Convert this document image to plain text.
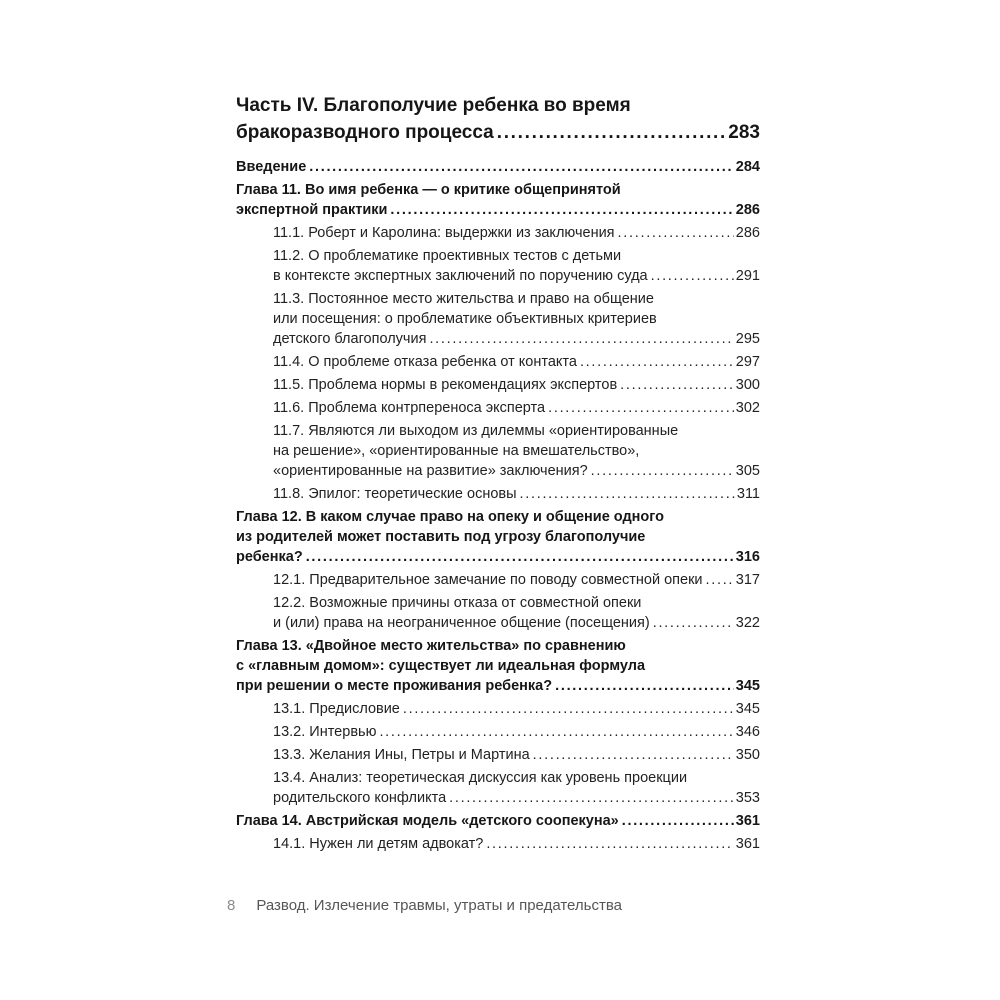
Часть IV. Благополучие ребенка во время
бракоразводного процесса .....	283
Введение .....	284
Глава 11. Во имя ребенка — о критике общепринятой
экспертной практики .....	286
11.1. Роберт и Каролина: выдержки из заключения .....	286
11.2. О проблематике проективных тестов с детьми
в контексте экспертных заключений по поручению суда .....	291
11.3. Постоянное место жительства и право на общение
или посещения: о проблематике объективных критериев
детского благополучия .....	295
11.4. О проблеме отказа ребенка от контакта .....	297
11.5. Проблема нормы в рекомендациях экспертов .....	300
11.6. Проблема контрпереноса эксперта .....	302
11.7. Являются ли выходом из дилеммы «ориентированные
на решение», «ориентированные на вмешательство»,
«ориентированные на развитие» заключения? .....	305
11.8. Эпилог: теоретические основы .....	311
Глава 12. В каком случае право на опеку и общение одного
из родителей может поставить под угрозу благополучие
ребенка? .....	316
12.1. Предварительное замечание по поводу совместной опеки ..... 317
12.2. Возможные причины отказа от совместной опеки
и (или) права на неограниченное общение (посещения) .....	322
Глава 13. «Двойное место жительства» по сравнению
с «главным домом»: существует ли идеальная формула
при решении о месте проживания ребенка? .....	345
13.1. Предисловие .....	345
13.2. Интервью .....	346
13.3. Желания Ины, Петры и Мартина .....	350
13.4. Анализ: теоретическая дискуссия как уровень проекции
родительского конфликта .....	353
Глава 14. Австрийская модель «детского соопекуна» .....	361
14.1. Нужен ли детям адвокат? .....	361
8 Развод. Излечение травмы, утраты и предательства
